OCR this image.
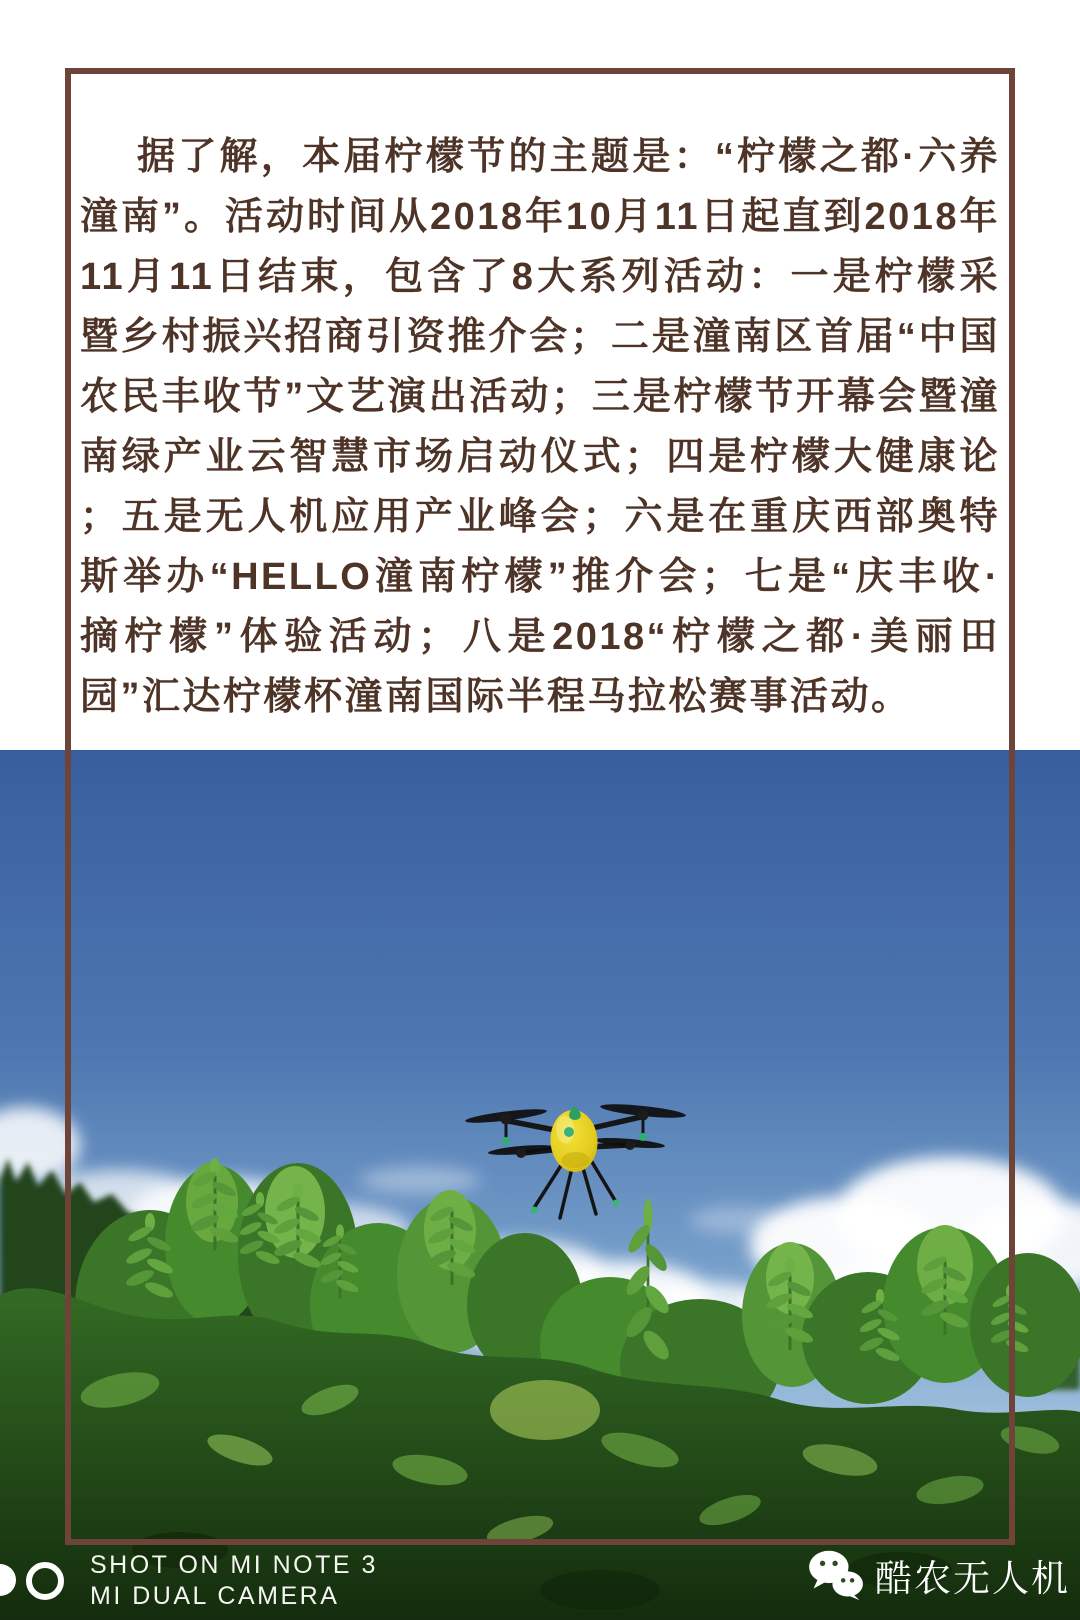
据了解，本届柠檬节的主题是：“柠檬之都·六养
潼南”。活动时间从2018年10月11日起直到2018年
11月11日结束，包含了8大系列活动：一是柠檬采
暨乡村振兴招商引资推介会；二是潼南区首届“中国
农民丰收节”文艺演出活动；三是柠檬节开幕会暨潼
南绿产业云智慧市场启动仪式；四是柠檬大健康论
；五是无人机应用产业峰会；六是在重庆西部奥特
斯举办“HELLO潼南柠檬”推介会；七是“庆丰收·
摘柠檬”体验活动；八是2018“柠檬之都·美丽田
园”汇达柠檬杯潼南国际半程马拉松赛事活动。
SHOT ON MI NOTE 3
MI DUAL CAMERA	酷农无人机
